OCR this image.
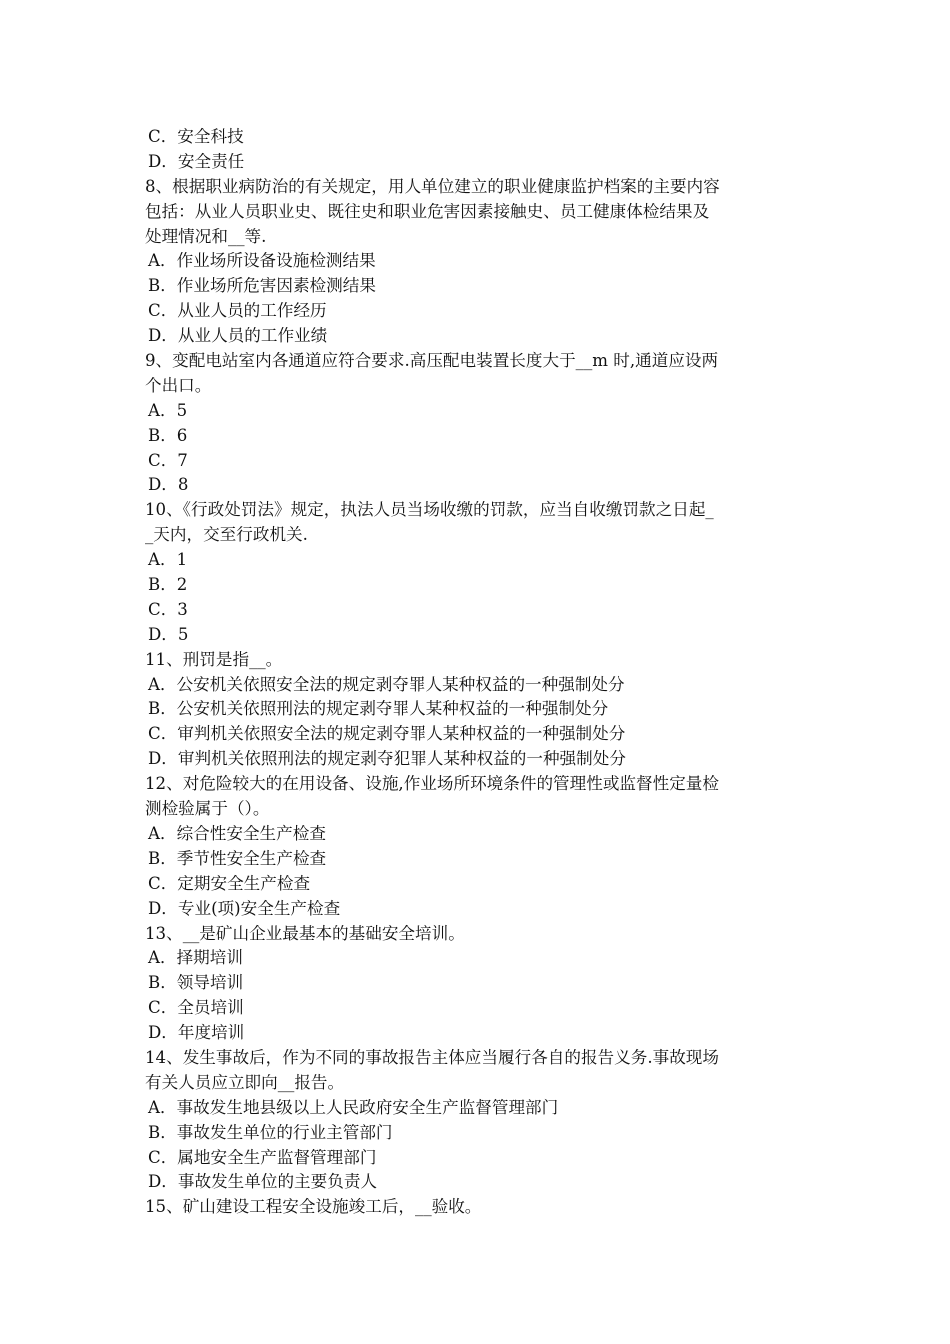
C．安全科技
D．安全责任
8、根据职业病防治的有关规定，用人单位建立的职业健康监护档案的主要内容
包括：从业人员职业史、既往史和职业危害因素接触史、员工健康体检结果及
处理情况和__等.
A．作业场所设备设施检测结果
B．作业场所危害因素检测结果
C．从业人员的工作经历
D．从业人员的工作业绩
9、变配电站室内各通道应符合要求.高压配电装置长度大于__m 时,通道应设两
个出口。
A．5
B．6
C．7
D．8
10、《行政处罚法》规定，执法人员当场收缴的罚款，应当自收缴罚款之日起_
_天内，交至行政机关.
A．1
B．2
C．3
D．5
11、刑罚是指__。
A．公安机关依照安全法的规定剥夺罪人某种权益的一种强制处分
B．公安机关依照刑法的规定剥夺罪人某种权益的一种强制处分
C．审判机关依照安全法的规定剥夺罪人某种权益的一种强制处分
D．审判机关依照刑法的规定剥夺犯罪人某种权益的一种强制处分
12、对危险较大的在用设备、设施,作业场所环境条件的管理性或监督性定量检
测检验属于（）。
A．综合性安全生产检查
B．季节性安全生产检查
C．定期安全生产检查
D．专业(项)安全生产检查
13、__是矿山企业最基本的基础安全培训。
A．择期培训
B．领导培训
C．全员培训
D．年度培训
14、发生事故后，作为不同的事故报告主体应当履行各自的报告义务.事故现场
有关人员应立即向__报告。
A．事故发生地县级以上人民政府安全生产监督管理部门
B．事故发生单位的行业主管部门
C．属地安全生产监督管理部门
D．事故发生单位的主要负责人
15、矿山建设工程安全设施竣工后，__验收。
